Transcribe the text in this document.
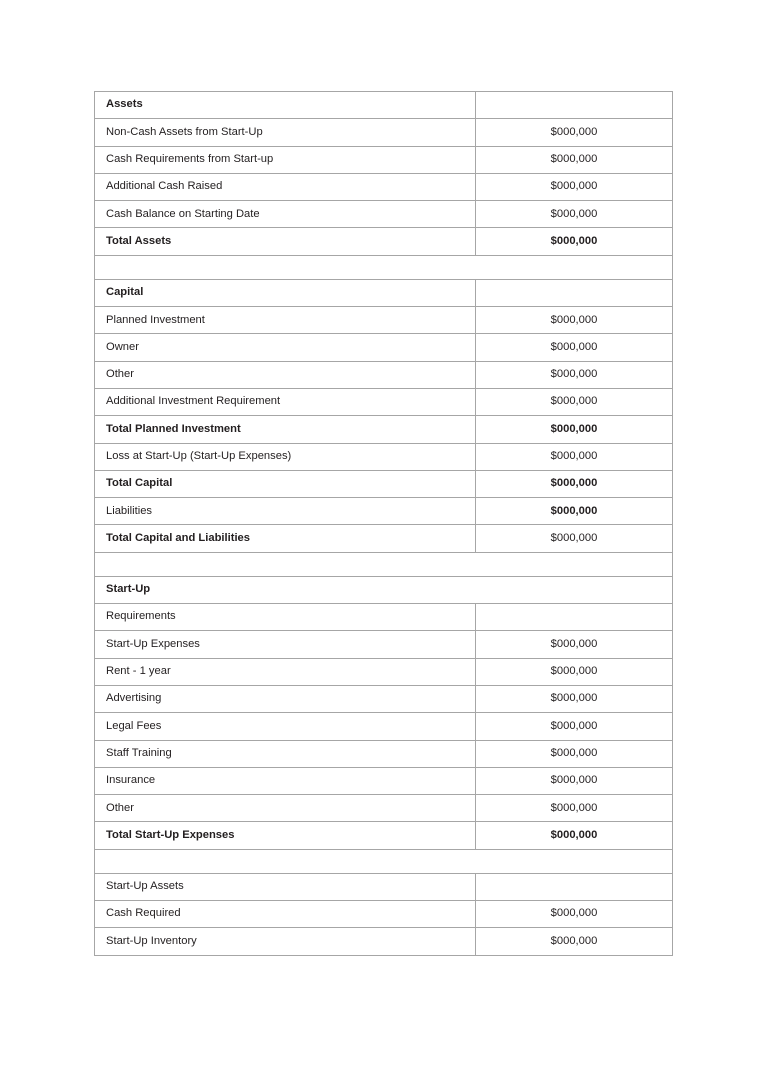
Assets	
Non-Cash Assets from Start-Up	$000,000
Cash Requirements from Start-up	$000,000
Additional Cash Raised	$000,000
Cash Balance on Starting Date	$000,000
Total Assets	$000,000

Capital	
Planned Investment	$000,000
Owner	$000,000
Other	$000,000
Additional Investment Requirement	$000,000
Total Planned Investment	$000,000
Loss at Start-Up (Start-Up Expenses)	$000,000
Total Capital	$000,000
Liabilities	$000,000
Total Capital and Liabilities	$000,000

Start-Up	
Requirements	
Start-Up Expenses	$000,000
Rent - 1 year	$000,000
Advertising	$000,000
Legal Fees	$000,000
Staff Training	$000,000
Insurance	$000,000
Other	$000,000
Total Start-Up Expenses	$000,000

Start-Up Assets	
Cash Required	$000,000
Start-Up Inventory	$000,000
